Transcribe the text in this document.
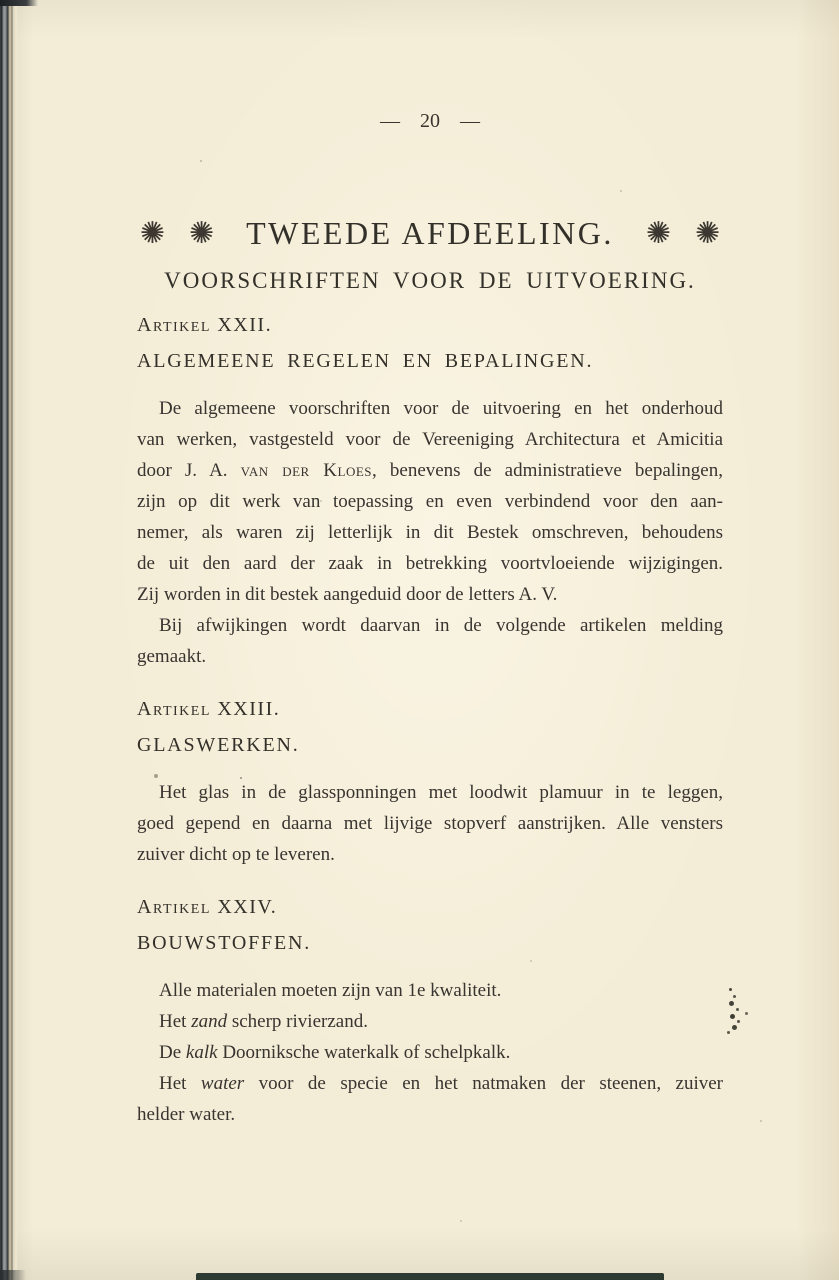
— 20 —
✺ ✺ TWEEDE AFDEELING. ✺ ✺
VOORSCHRIFTEN VOOR DE UITVOERING.
Artikel XXII.
ALGEMEENE REGELEN EN BEPALINGEN.
De algemeene voorschriften voor de uitvoering en het onderhoud
van werken, vastgesteld voor de Vereeniging Architectura et Amicitia
door J. A. van der Kloes, benevens de administratieve bepalingen,
zijn op dit werk van toepassing en even verbindend voor den aan-
nemer, als waren zij letterlijk in dit Bestek omschreven, behoudens
de uit den aard der zaak in betrekking voortvloeiende wijzigingen.
Zij worden in dit bestek aangeduid door de letters A. V.
Bij afwijkingen wordt daarvan in de volgende artikelen melding
gemaakt.
Artikel XXIII.
GLASWERKEN.
Het glas in de glassponningen met loodwit plamuur in te leggen,
goed gepend en daarna met lijvige stopverf aanstrijken. Alle vensters
zuiver dicht op te leveren.
Artikel XXIV.
BOUWSTOFFEN.
Alle materialen moeten zijn van 1e kwaliteit.
Het zand scherp rivierzand.
De kalk Doorniksche waterkalk of schelpkalk.
Het water voor de specie en het natmaken der steenen, zuiver
helder water.
